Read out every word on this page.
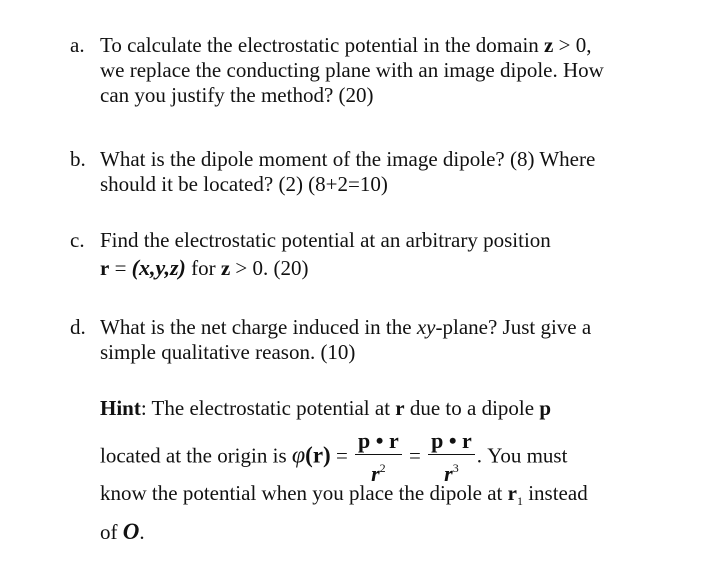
a. To calculate the electrostatic potential in the domain z > 0,
we replace the conducting plane with an image dipole. How
can you justify the method? (20)
b. What is the dipole moment of the image dipole? (8) Where
should it be located? (2) (8+2=10)
c. Find the electrostatic potential at an arbitrary position
r = (x,y,z) for z > 0. (20)
d. What is the net charge induced in the xy-plane? Just give a
simple qualitative reason. (10)
Hint: The electrostatic potential at r due to a dipole p
located at the origin is $\varphi(r) = \frac{p • r}{r^2} = \frac{p • r}{r^3}$ . You must
know the potential when you place the dipole at $r_1$ instead
of O.
